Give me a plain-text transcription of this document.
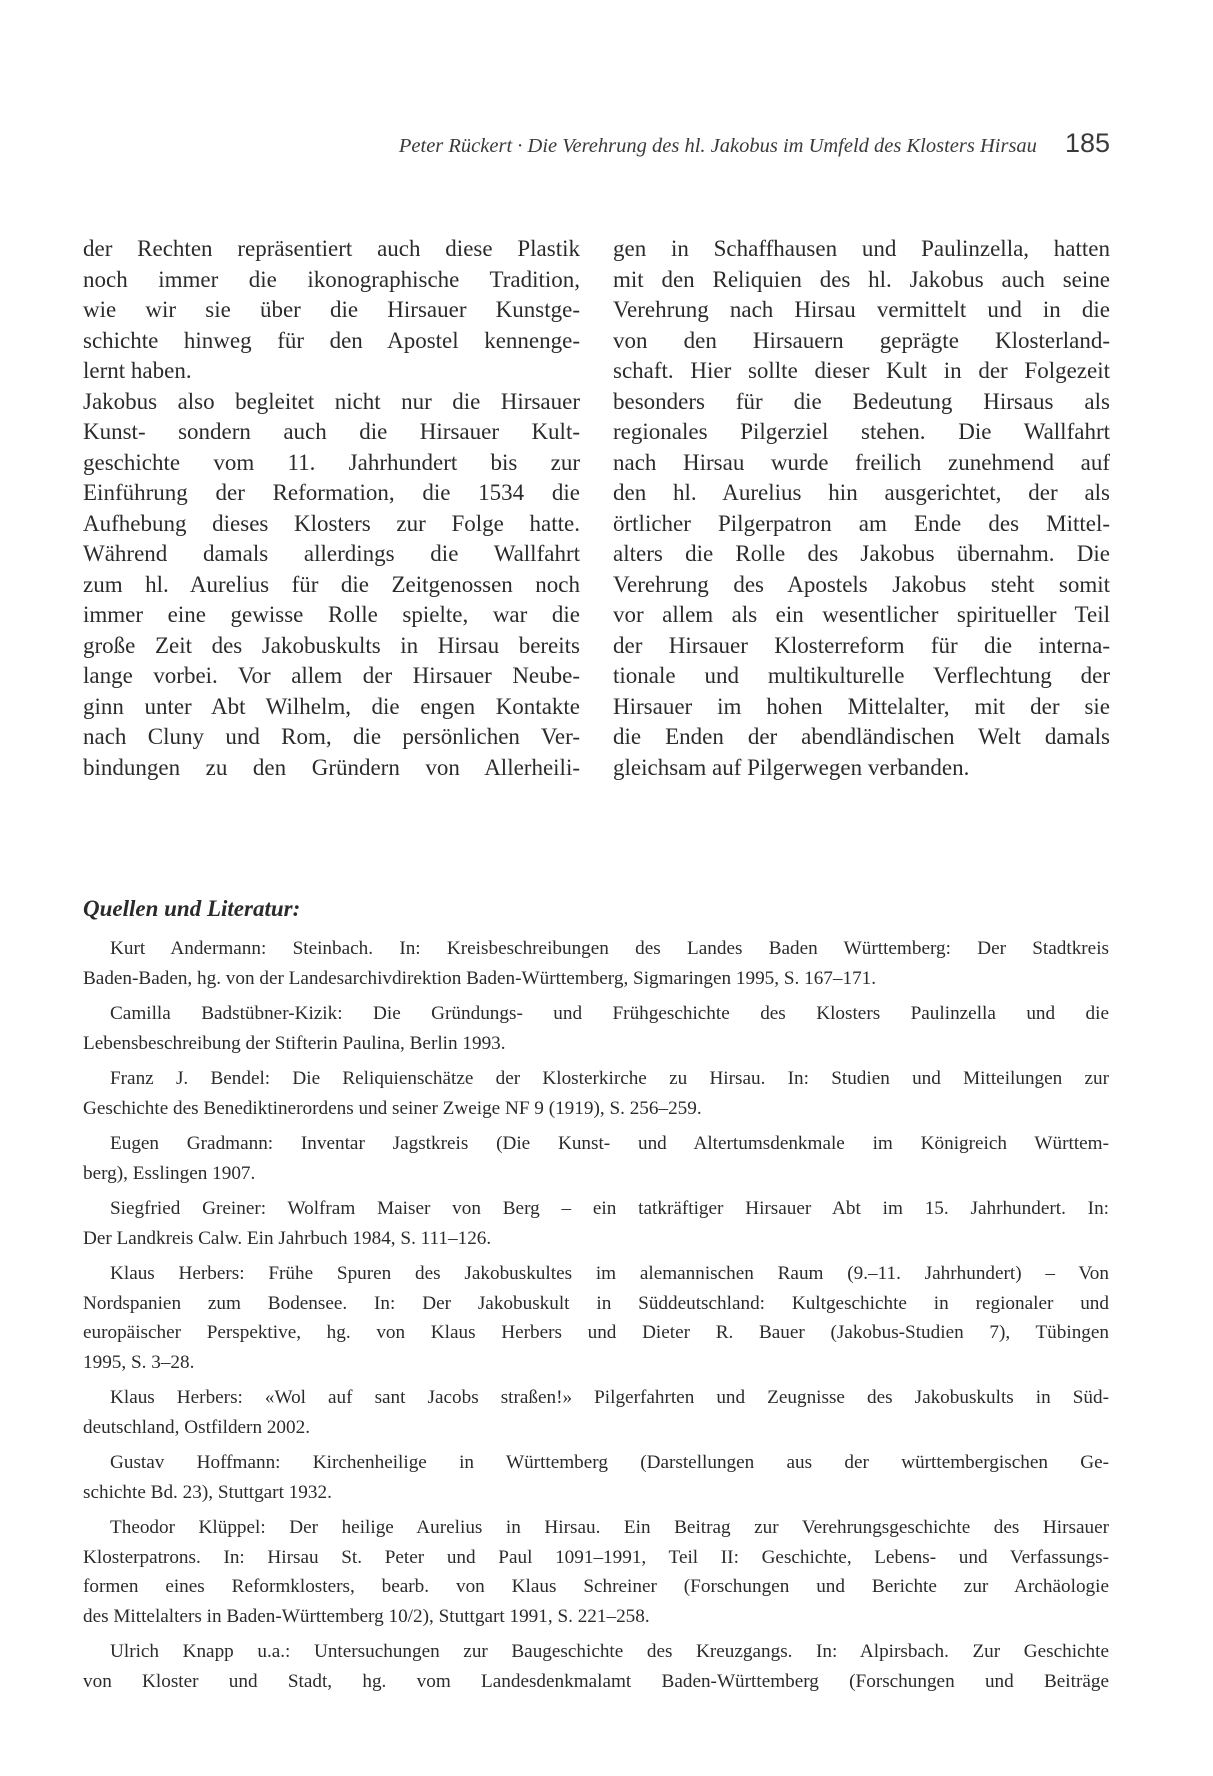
Peter Rückert · Die Verehrung des hl. Jakobus im Umfeld des Klosters Hirsau 185
der Rechten repräsentiert auch diese Plastik
noch immer die ikonographische Tradition,
wie wir sie über die Hirsauer Kunstge-
schichte hinweg für den Apostel kennenge-
lernt haben.
Jakobus also begleitet nicht nur die Hirsauer
Kunst- sondern auch die Hirsauer Kult-
geschichte vom 11. Jahrhundert bis zur
Einführung der Reformation, die 1534 die
Aufhebung dieses Klosters zur Folge hatte.
Während damals allerdings die Wallfahrt
zum hl. Aurelius für die Zeitgenossen noch
immer eine gewisse Rolle spielte, war die
große Zeit des Jakobuskults in Hirsau bereits
lange vorbei. Vor allem der Hirsauer Neube-
ginn unter Abt Wilhelm, die engen Kontakte
nach Cluny und Rom, die persönlichen Ver-
bindungen zu den Gründern von Allerheili-
gen in Schaffhausen und Paulinzella, hatten
mit den Reliquien des hl. Jakobus auch seine
Verehrung nach Hirsau vermittelt und in die
von den Hirsauern geprägte Klosterland-
schaft. Hier sollte dieser Kult in der Folgezeit
besonders für die Bedeutung Hirsaus als
regionales Pilgerziel stehen. Die Wallfahrt
nach Hirsau wurde freilich zunehmend auf
den hl. Aurelius hin ausgerichtet, der als
örtlicher Pilgerpatron am Ende des Mittel-
alters die Rolle des Jakobus übernahm. Die
Verehrung des Apostels Jakobus steht somit
vor allem als ein wesentlicher spiritueller Teil
der Hirsauer Klosterreform für die interna-
tionale und multikulturelle Verflechtung der
Hirsauer im hohen Mittelalter, mit der sie
die Enden der abendländischen Welt damals
gleichsam auf Pilgerwegen verbanden.
Quellen und Literatur:
Kurt Andermann: Steinbach. In: Kreisbeschreibungen des Landes Baden Württemberg: Der Stadtkreis
Baden-Baden, hg. von der Landesarchivdirektion Baden-Württemberg, Sigmaringen 1995, S. 167–171.
Camilla Badstübner-Kizik: Die Gründungs- und Frühgeschichte des Klosters Paulinzella und die
Lebensbeschreibung der Stifterin Paulina, Berlin 1993.
Franz J. Bendel: Die Reliquienschätze der Klosterkirche zu Hirsau. In: Studien und Mitteilungen zur
Geschichte des Benediktinerordens und seiner Zweige NF 9 (1919), S. 256–259.
Eugen Gradmann: Inventar Jagstkreis (Die Kunst- und Altertumsdenkmale im Königreich Württem-
berg), Esslingen 1907.
Siegfried Greiner: Wolfram Maiser von Berg – ein tatkräftiger Hirsauer Abt im 15. Jahrhundert. In:
Der Landkreis Calw. Ein Jahrbuch 1984, S. 111–126.
Klaus Herbers: Frühe Spuren des Jakobuskultes im alemannischen Raum (9.–11. Jahrhundert) – Von
Nordspanien zum Bodensee. In: Der Jakobuskult in Süddeutschland: Kultgeschichte in regionaler und
europäischer Perspektive, hg. von Klaus Herbers und Dieter R. Bauer (Jakobus-Studien 7), Tübingen
1995, S. 3–28.
Klaus Herbers: «Wol auf sant Jacobs straßen!» Pilgerfahrten und Zeugnisse des Jakobuskults in Süd-
deutschland, Ostfildern 2002.
Gustav Hoffmann: Kirchenheilige in Württemberg (Darstellungen aus der württembergischen Ge-
schichte Bd. 23), Stuttgart 1932.
Theodor Klüppel: Der heilige Aurelius in Hirsau. Ein Beitrag zur Verehrungsgeschichte des Hirsauer
Klosterpatrons. In: Hirsau St. Peter und Paul 1091–1991, Teil II: Geschichte, Lebens- und Verfassungs-
formen eines Reformklosters, bearb. von Klaus Schreiner (Forschungen und Berichte zur Archäologie
des Mittelalters in Baden-Württemberg 10/2), Stuttgart 1991, S. 221–258.
Ulrich Knapp u.a.: Untersuchungen zur Baugeschichte des Kreuzgangs. In: Alpirsbach. Zur Geschichte
von Kloster und Stadt, hg. vom Landesdenkmalamt Baden-Württemberg (Forschungen und Beiträge
